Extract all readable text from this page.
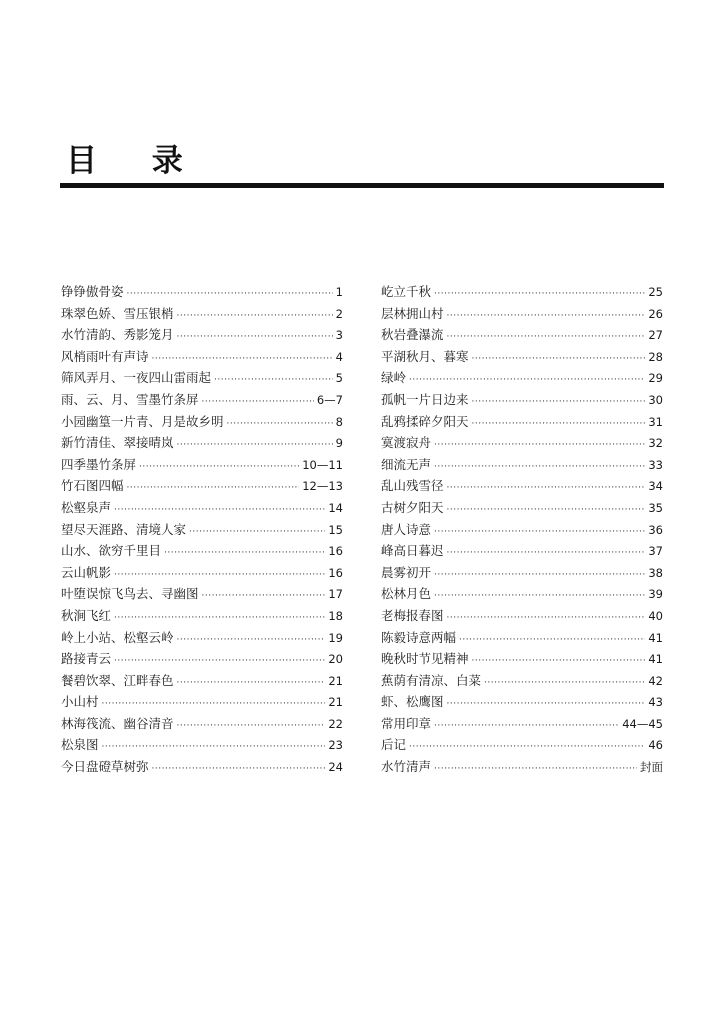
目 录
铮铮傲骨姿 ·····	1
珠翠色娇、雪压银梢 ·····	2
水竹清韵、秀影笼月 ·····	3
风梢雨叶有声诗 ·····	4
筛风弄月、一夜四山雷雨起 ·····	5
雨、云、月、雪墨竹条屏 ·····	6—7
小园幽篁一片青、月是故乡明 ·····	8
新竹清佳、翠接晴岚 ·····	9
四季墨竹条屏 ·····	10—11
竹石图四幅 ·····	12—13
松壑泉声 ·····	14
望尽天涯路、清境人家 ·····	15
山水、欲穷千里目 ·····	16
云山帆影 ·····	16
叶堕误惊飞鸟去、寻幽图 ·····	17
秋涧飞红 ·····	18
岭上小站、松壑云岭 ·····	19
路接青云 ·····	20
餐碧饮翠、江畔春色 ·····	21
小山村 ·····	21
林海筏流、幽谷清音 ·····	22
松泉图 ·····	23
今日盘磴草树弥 ·····	24
屹立千秋 ·····	25
层林拥山村 ·····	26
秋岩叠瀑流 ·····	27
平湖秋月、暮寒 ·····	28
绿岭 ·····	29
孤帆一片日边来 ·····	30
乱鸦揉碎夕阳天 ·····	31
寞渡寂舟 ·····	32
细流无声 ·····	33
乱山残雪径 ·····	34
古树夕阳天 ·····	35
唐人诗意 ·····	36
峰高日暮迟 ·····	37
晨雾初开 ·····	38
松林月色 ·····	39
老梅报春图 ·····	40
陈毅诗意两幅 ·····	41
晚秋时节见精神 ·····	41
蕉荫有清凉、白菜 ·····	42
虾、松鹰图 ·····	43
常用印章 ·····	44—45
后记 ·····	46
水竹清声 ·····	封面
